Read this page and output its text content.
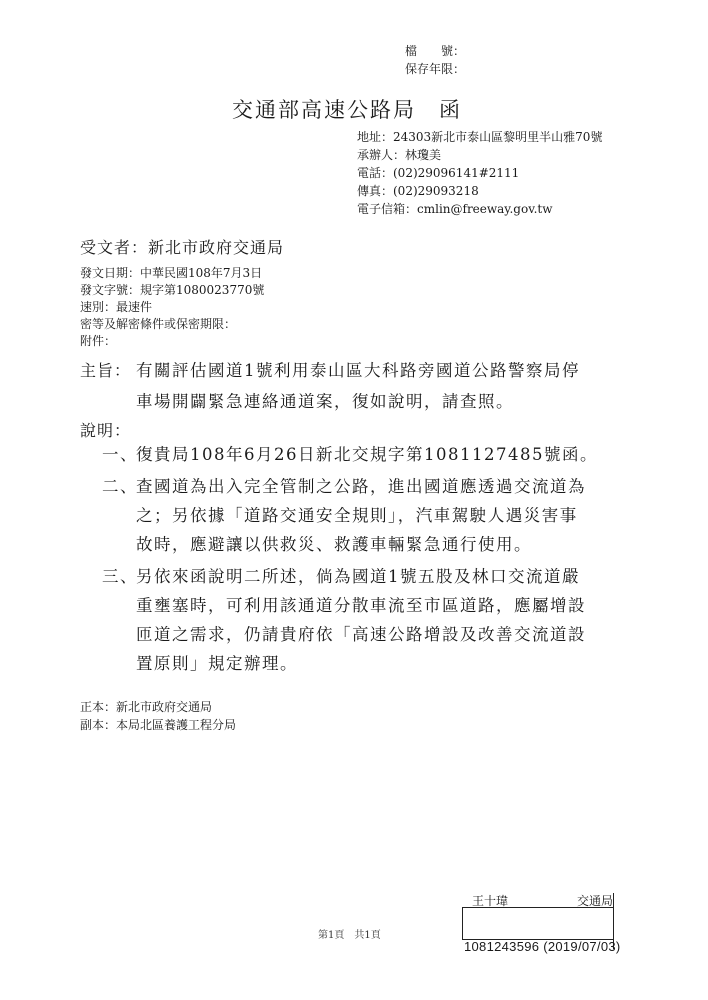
檔　　號：
保存年限：
交通部高速公路局　函
地址：24303新北市泰山區黎明里半山雅70號
承辦人：林瓊美
電話：(02)29096141#2111
傳真：(02)29093218
電子信箱：cmlin@freeway.gov.tw
受文者：新北市政府交通局
發文日期：中華民國108年7月3日
發文字號：規字第1080023770號
速別：最速件
密等及解密條件或保密期限：
附件：
主旨： 有關評估國道1號利用泰山區大科路旁國道公路警察局停
車場開闢緊急連絡通道案，復如說明，請查照。
說明：
一、
復貴局108年6月26日新北交規字第1081127485號函。
二、
查國道為出入完全管制之公路，進出國道應透過交流道為
之；另依據「道路交通安全規則」，汽車駕駛人遇災害事
故時，應避讓以供救災、救護車輛緊急通行使用。
三、
另依來函說明二所述，倘為國道1號五股及林口交流道嚴
重壅塞時，可利用該通道分散車流至市區道路，應屬增設
匝道之需求，仍請貴府依「高速公路增設及改善交流道設
置原則」規定辦理。
正本：新北市政府交通局
副本：本局北區養護工程分局
王十瑋	交通局
1081243596 (2019/07/03)
第1頁　共1頁
